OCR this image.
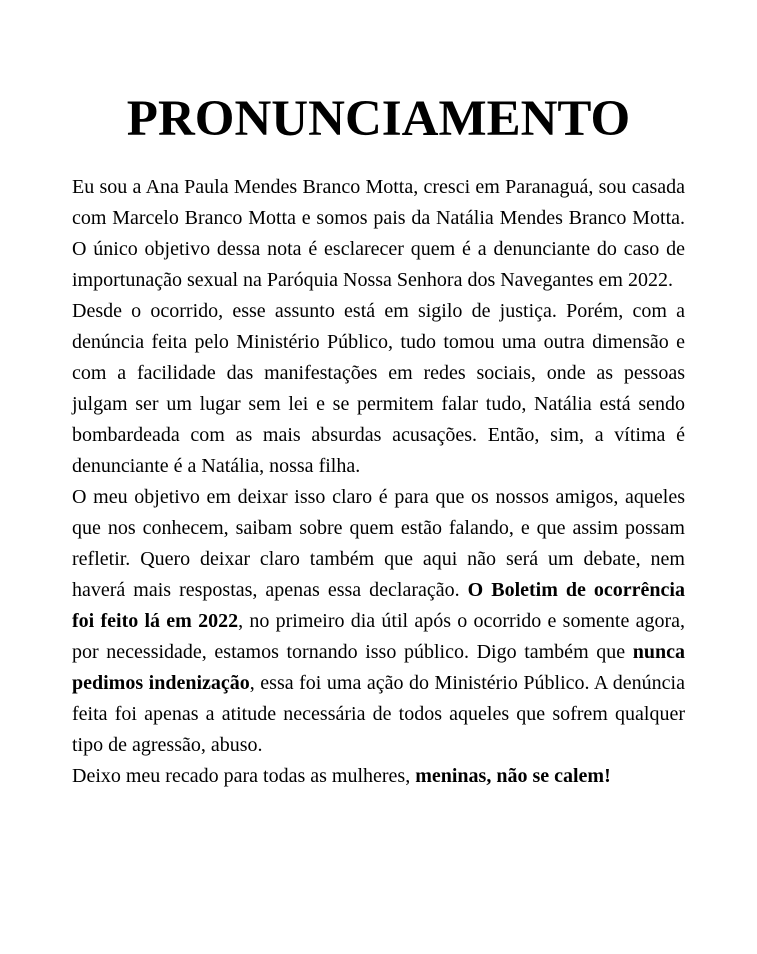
PRONUNCIAMENTO

Eu sou a Ana Paula Mendes Branco Motta, cresci em Paranaguá, sou casada com Marcelo Branco Motta e somos pais da Natália Mendes Branco Motta. O único objetivo dessa nota é esclarecer quem é a denunciante do caso de importunação sexual na Paróquia Nossa Senhora dos Navegantes em 2022.

Desde o ocorrido, esse assunto está em sigilo de justiça. Porém, com a denúncia feita pelo Ministério Público, tudo tomou uma outra dimensão e com a facilidade das manifestações em redes sociais, onde as pessoas julgam ser um lugar sem lei e se permitem falar tudo, Natália está sendo bombardeada com as mais absurdas acusações. Então, sim, a vítima é denunciante é a Natália, nossa filha.

O meu objetivo em deixar isso claro é para que os nossos amigos, aqueles que nos conhecem, saibam sobre quem estão falando, e que assim possam refletir. Quero deixar claro também que aqui não será um debate, nem haverá mais respostas, apenas essa declaração. O Boletim de ocorrência foi feito lá em 2022, no primeiro dia útil após o ocorrido e somente agora, por necessidade, estamos tornando isso público. Digo também que nunca pedimos indenização, essa foi uma ação do Ministério Público. A denúncia feita foi apenas a atitude necessária de todos aqueles que sofrem qualquer tipo de agressão, abuso.

Deixo meu recado para todas as mulheres, meninas, não se calem!
